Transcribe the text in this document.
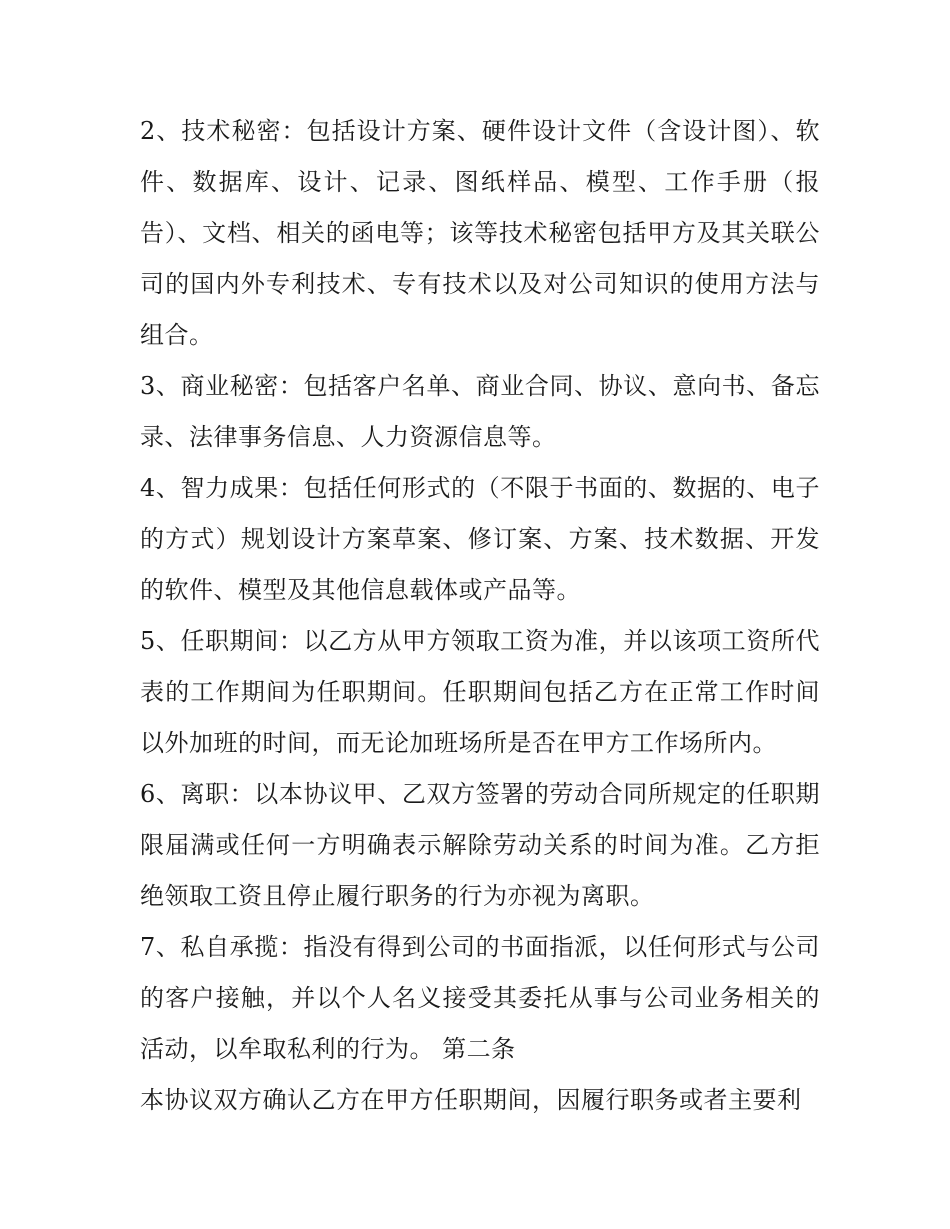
2、技术秘密：包括设计方案、硬件设计文件（含设计图）、软件、数据库、设计、记录、图纸样品、模型、工作手册（报告）、文档、相关的函电等；该等技术秘密包括甲方及其关联公司的国内外专利技术、专有技术以及对公司知识的使用方法与组合。

3、商业秘密：包括客户名单、商业合同、协议、意向书、备忘录、法律事务信息、人力资源信息等。

4、智力成果：包括任何形式的（不限于书面的、数据的、电子的方式）规划设计方案草案、修订案、方案、技术数据、开发的软件、模型及其他信息载体或产品等。

5、任职期间：以乙方从甲方领取工资为准，并以该项工资所代表的工作期间为任职期间。任职期间包括乙方在正常工作时间以外加班的时间，而无论加班场所是否在甲方工作场所内。

6、离职：以本协议甲、乙双方签署的劳动合同所规定的任职期限届满或任何一方明确表示解除劳动关系的时间为准。乙方拒绝领取工资且停止履行职务的行为亦视为离职。

7、私自承揽：指没有得到公司的书面指派，以任何形式与公司的客户接触，并以个人名义接受其委托从事与公司业务相关的活动，以牟取私利的行为。 第二条

本协议双方确认乙方在甲方任职期间，因履行职务或者主要利
